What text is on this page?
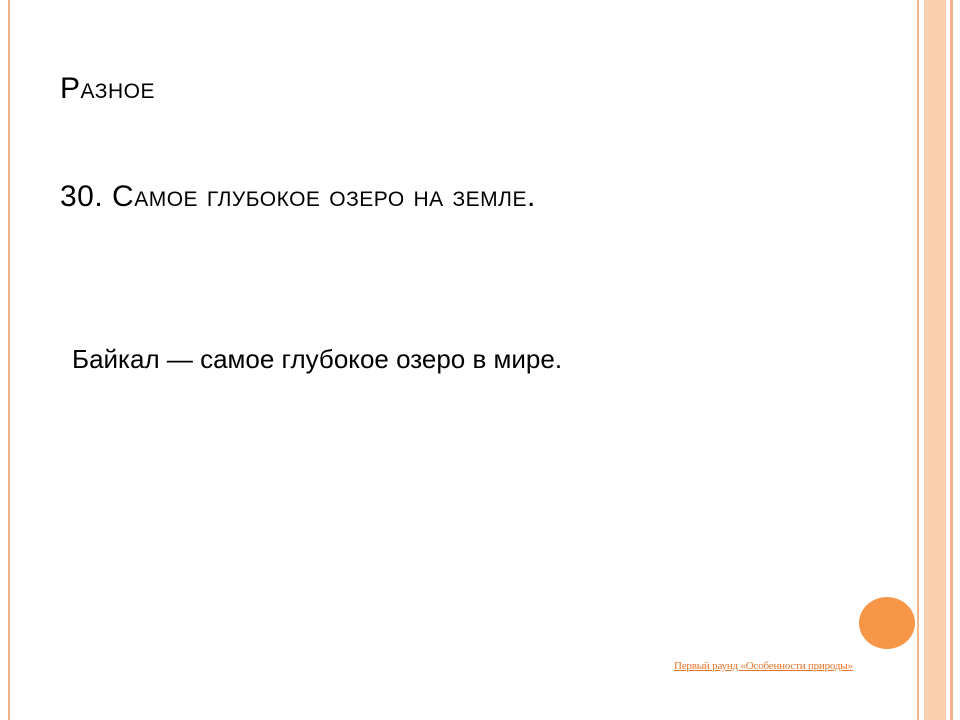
Разное
30. Самое глубокое озеро на земле.
Байкал — самое глубокое озеро в мире.
Первый раунд «Особенности природы»
